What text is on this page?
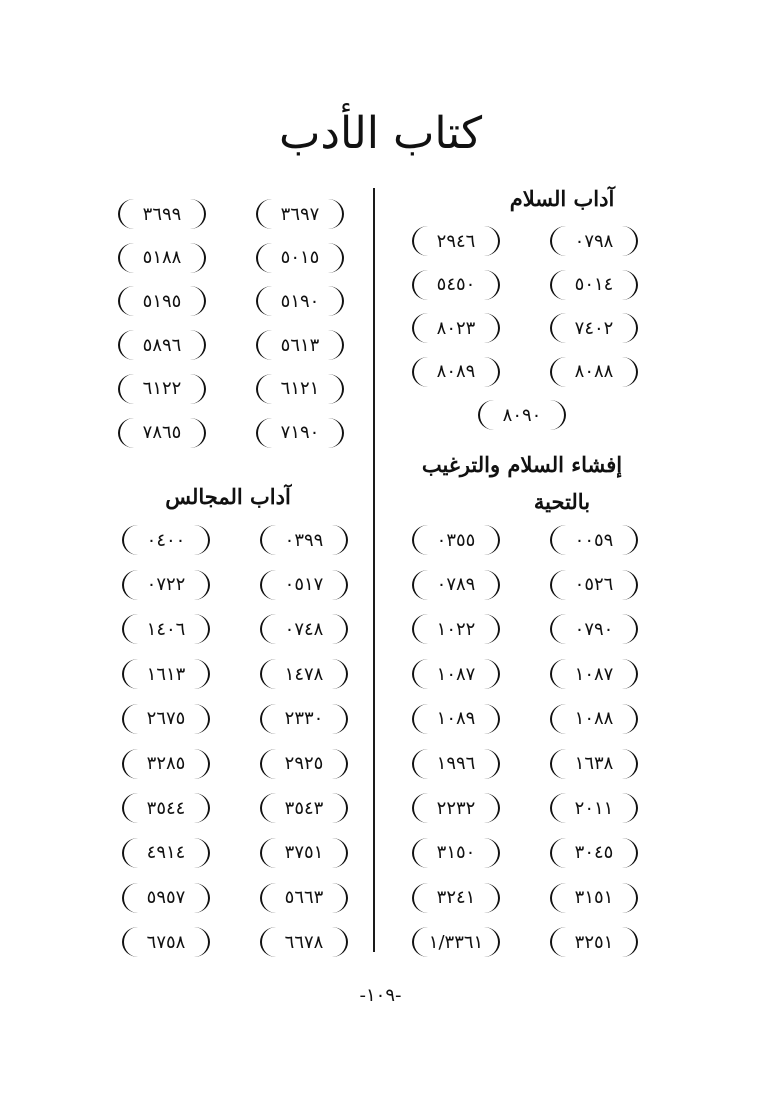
كتاب الأدب
آداب السلام
٠٧٩٨
٢٩٤٦
٥٠١٤
٥٤٥٠
٧٤٠٢
٨٠٢٣
٨٠٨٨
٨٠٨٩
٨٠٩٠
إفشاء السلام والترغيب
بالتحية
٠٠٥٩
٠٣٥٥
٠٥٢٦
٠٧٨٩
٠٧٩٠
١٠٢٢
١٠٨٧
١٠٨٧
١٠٨٨
١٠٨٩
١٦٣٨
١٩٩٦
٢٠١١
٢٢٣٢
٣٠٤٥
٣١٥٠
٣١٥١
٣٢٤١
٣٢٥١
١/٣٣٦١
٣٦٩٧
٣٦٩٩
٥٠١٥
٥١٨٨
٥١٩٠
٥١٩٥
٥٦١٣
٥٨٩٦
٦١٢١
٦١٢٢
٧١٩٠
٧٨٦٥
آداب المجالس
٠٣٩٩
٠٤٠٠
٠٥١٧
٠٧٢٢
٠٧٤٨
١٤٠٦
١٤٧٨
١٦١٣
٢٣٣٠
٢٦٧٥
٢٩٢٥
٣٢٨٥
٣٥٤٣
٣٥٤٤
٣٧٥١
٤٩١٤
٥٦٦٣
٥٩٥٧
٦٦٧٨
٦٧٥٨
-١٠٩-
